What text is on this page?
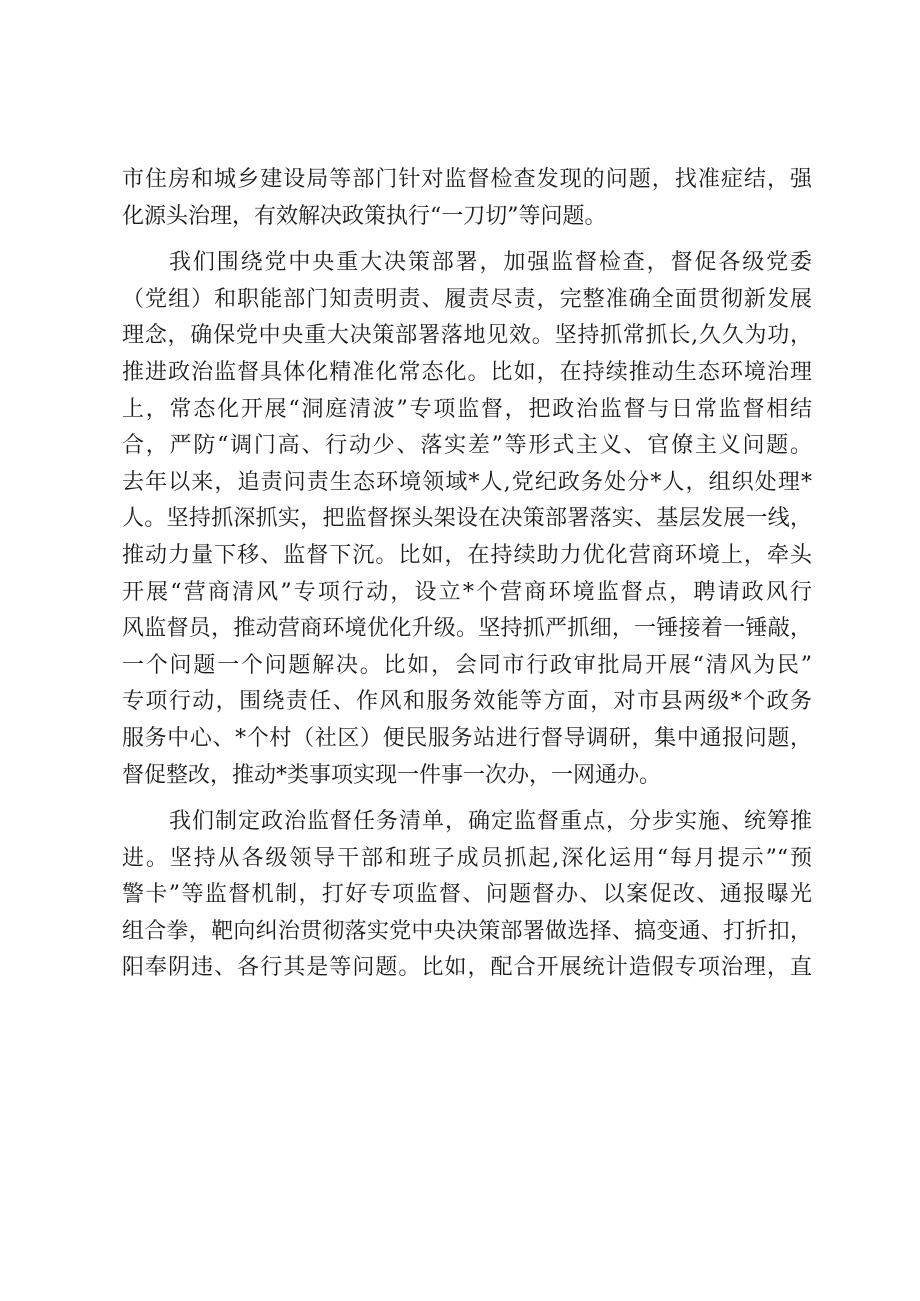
市住房和城乡建设局等部门针对监督检查发现的问题，找准症结，强
化源头治理，有效解决政策执行“一刀切”等问题。
我们围绕党中央重大决策部署，加强监督检查，督促各级党委
（党组）和职能部门知责明责、履责尽责，完整准确全面贯彻新发展
理念，确保党中央重大决策部署落地见效。坚持抓常抓长,久久为功，
推进政治监督具体化精准化常态化。比如，在持续推动生态环境治理
上，常态化开展“洞庭清波”专项监督，把政治监督与日常监督相结
合，严防“调门高、行动少、落实差”等形式主义、官僚主义问题。
去年以来，追责问责生态环境领域*人,党纪政务处分*人，组织处理*
人。坚持抓深抓实，把监督探头架设在决策部署落实、基层发展一线，
推动力量下移、监督下沉。比如，在持续助力优化营商环境上，牵头
开展“营商清风”专项行动，设立*个营商环境监督点，聘请政风行
风监督员，推动营商环境优化升级。坚持抓严抓细，一锤接着一锤敲，
一个问题一个问题解决。比如，会同市行政审批局开展“清风为民”
专项行动，围绕责任、作风和服务效能等方面，对市县两级*个政务
服务中心、*个村（社区）便民服务站进行督导调研，集中通报问题，
督促整改，推动*类事项实现一件事一次办，一网通办。
我们制定政治监督任务清单，确定监督重点，分步实施、统筹推
进。坚持从各级领导干部和班子成员抓起,深化运用“每月提示”“预
警卡”等监督机制，打好专项监督、问题督办、以案促改、通报曝光
组合拳，靶向纠治贯彻落实党中央决策部署做选择、搞变通、打折扣，
阳奉阴违、各行其是等问题。比如，配合开展统计造假专项治理，直
